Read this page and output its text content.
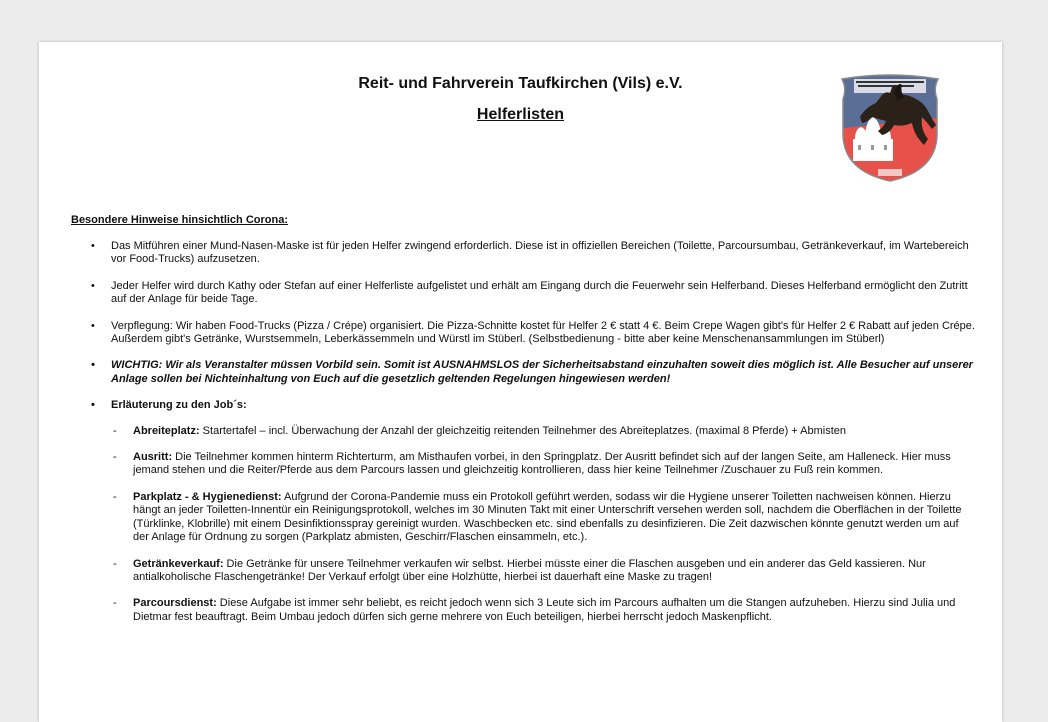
Reit- und Fahrverein Taufkirchen (Vils) e.V.
Helferlisten
Besondere Hinweise hinsichtlich Corona:
• Das Mitführen einer Mund-Nasen-Maske ist für jeden Helfer zwingend erforderlich. Diese ist in offiziellen Bereichen (Toilette, Parcoursumbau, Getränkeverkauf, im Wartebereich vor Food-Trucks) aufzusetzen.
• Jeder Helfer wird durch Kathy oder Stefan auf einer Helferliste aufgelistet und erhält am Eingang durch die Feuerwehr sein Helferband. Dieses Helferband ermöglicht den Zutritt auf der Anlage für beide Tage.
• Verpflegung: Wir haben Food-Trucks (Pizza / Crépe) organisiert. Die Pizza-Schnitte kostet für Helfer 2 € statt 4 €. Beim Crepe Wagen gibt's für Helfer 2 € Rabatt auf jeden Crépe. Außerdem gibt's Getränke, Wurstsemmeln, Leberkässemmeln und Würstl im Stüberl. (Selbstbedienung - bitte aber keine Menschenansammlungen im Stüberl)
• WICHTIG: Wir als Veranstalter müssen Vorbild sein. Somit ist AUSNAHMSLOS der Sicherheitsabstand einzuhalten soweit dies möglich ist. Alle Besucher auf unserer Anlage sollen bei Nichteinhaltung von Euch auf die gesetzlich geltenden Regelungen hingewiesen werden!
• Erläuterung zu den Job´s:
- Abreiteplatz: Startertafel – incl. Überwachung der Anzahl der gleichzeitig reitenden Teilnehmer des Abreiteplatzes. (maximal 8 Pferde) + Abmisten
- Ausritt: Die Teilnehmer kommen hinterm Richterturm, am Misthaufen vorbei, in den Springplatz. Der Ausritt befindet sich auf der langen Seite, am Halleneck. Hier muss jemand stehen und die Reiter/Pferde aus dem Parcours lassen und gleichzeitig kontrollieren, dass hier keine Teilnehmer /Zuschauer zu Fuß rein kommen.
- Parkplatz - & Hygienedienst: Aufgrund der Corona-Pandemie muss ein Protokoll geführt werden, sodass wir die Hygiene unserer Toiletten nachweisen können. Hierzu hängt an jeder Toiletten-Innentür ein Reinigungsprotokoll, welches im 30 Minuten Takt mit einer Unterschrift versehen werden soll, nachdem die Oberflächen in der Toilette (Türklinke, Klobrille) mit einem Desinfiktionsspray gereinigt wurden. Waschbecken etc. sind ebenfalls zu desinfizieren. Die Zeit dazwischen könnte genutzt werden um auf der Anlage für Ordnung zu sorgen (Parkplatz abmisten, Geschirr/Flaschen einsammeln, etc.).
- Getränkeverkauf: Die Getränke für unsere Teilnehmer verkaufen wir selbst. Hierbei müsste einer die Flaschen ausgeben und ein anderer das Geld kassieren. Nur antialkoholische Flaschengetränke! Der Verkauf erfolgt über eine Holzhütte, hierbei ist dauerhaft eine Maske zu tragen!
- Parcoursdienst: Diese Aufgabe ist immer sehr beliebt, es reicht jedoch wenn sich 3 Leute sich im Parcours aufhalten um die Stangen aufzuheben. Hierzu sind Julia und Dietmar fest beauftragt. Beim Umbau jedoch dürfen sich gerne mehrere von Euch beteiligen, hierbei herrscht jedoch Maskenpflicht.
